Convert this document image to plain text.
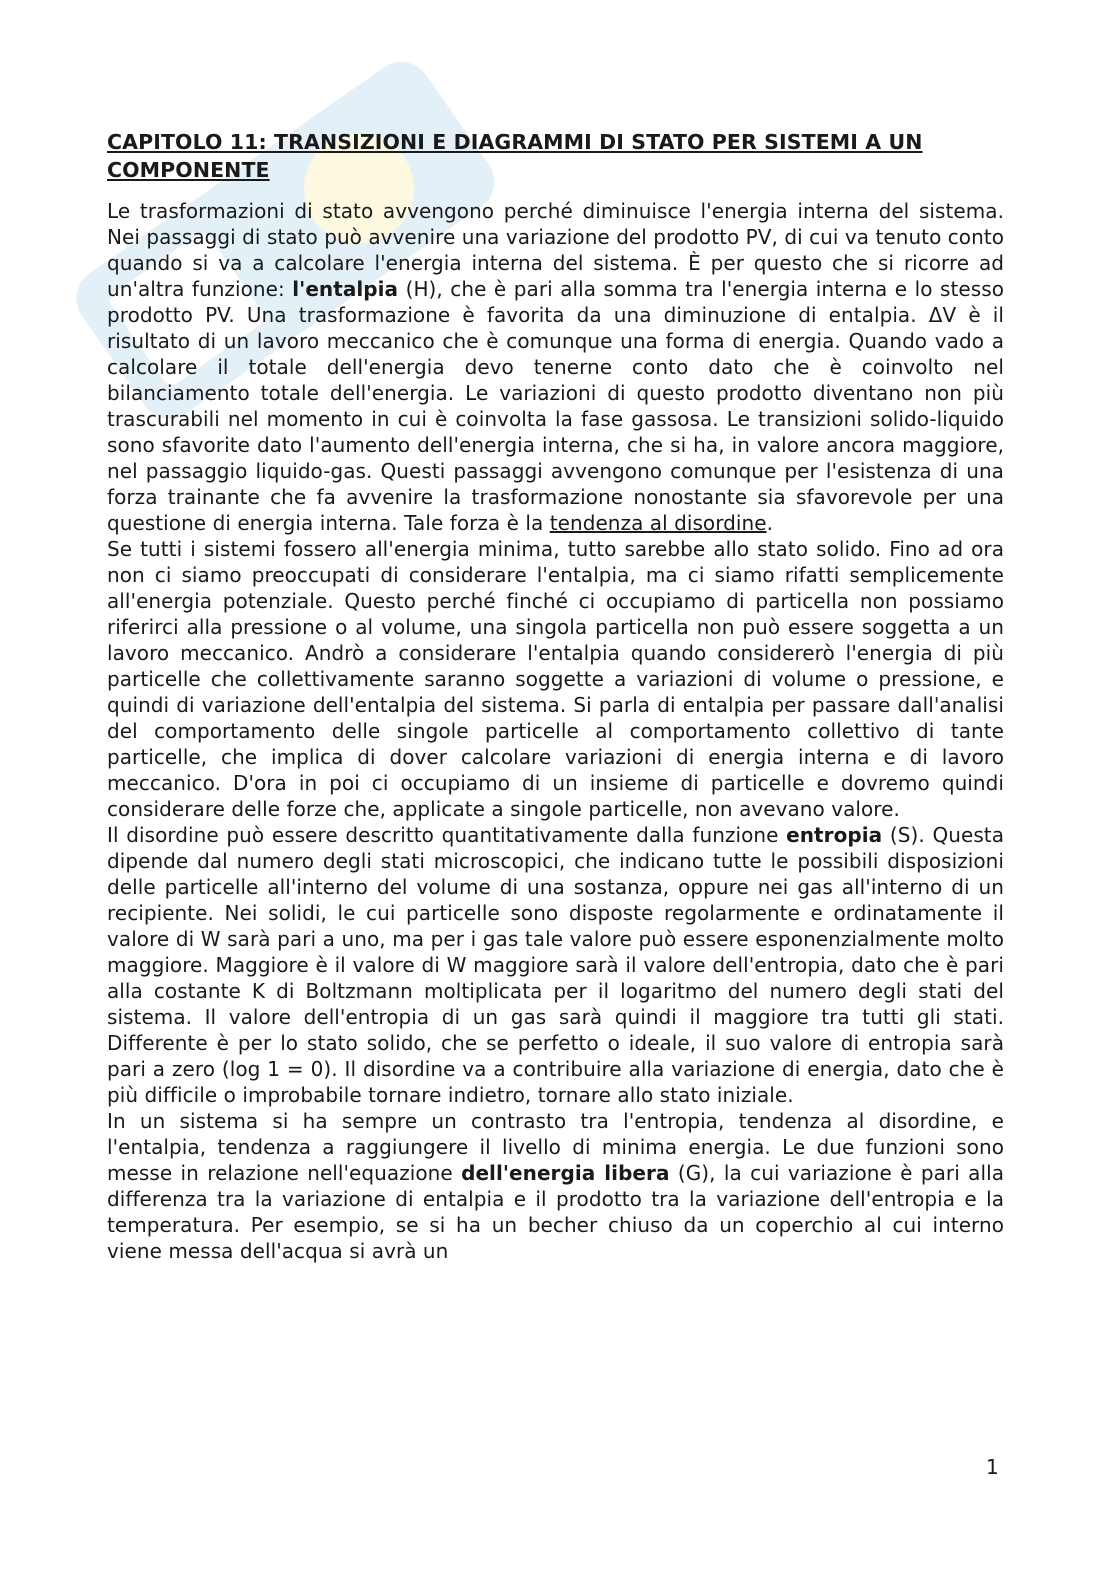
CAPITOLO 11: TRANSIZIONI E DIAGRAMMI DI STATO PER SISTEMI A UN COMPONENTE

Le trasformazioni di stato avvengono perché diminuisce l'energia interna del sistema. Nei passaggi di stato può avvenire una variazione del prodotto PV, di cui va tenuto conto quando si va a calcolare l'energia interna del sistema. È per questo che si ricorre ad un'altra funzione: l'entalpia (H), che è pari alla somma tra l'energia interna e lo stesso prodotto PV. Una trasformazione è favorita da una diminuzione di entalpia. ΔV è il risultato di un lavoro meccanico che è comunque una forma di energia. Quando vado a calcolare il totale dell'energia devo tenerne conto dato che è coinvolto nel bilanciamento totale dell'energia. Le variazioni di questo prodotto diventano non più trascurabili nel momento in cui è coinvolta la fase gassosa. Le transizioni solido-liquido sono sfavorite dato l'aumento dell'energia interna, che si ha, in valore ancora maggiore, nel passaggio liquido-gas. Questi passaggi avvengono comunque per l'esistenza di una forza trainante che fa avvenire la trasformazione nonostante sia sfavorevole per una questione di energia interna. Tale forza è la tendenza al disordine.

Se tutti i sistemi fossero all'energia minima, tutto sarebbe allo stato solido. Fino ad ora non ci siamo preoccupati di considerare l'entalpia, ma ci siamo rifatti semplicemente all'energia potenziale. Questo perché finché ci occupiamo di particella non possiamo riferirci alla pressione o al volume, una singola particella non può essere soggetta a un lavoro meccanico. Andrò a considerare l'entalpia quando considererò l'energia di più particelle che collettivamente saranno soggette a variazioni di volume o pressione, e quindi di variazione dell'entalpia del sistema. Si parla di entalpia per passare dall'analisi del comportamento delle singole particelle al comportamento collettivo di tante particelle, che implica di dover calcolare variazioni di energia interna e di lavoro meccanico. D'ora in poi ci occupiamo di un insieme di particelle e dovremo quindi considerare delle forze che, applicate a singole particelle, non avevano valore.

Il disordine può essere descritto quantitativamente dalla funzione entropia (S). Questa dipende dal numero degli stati microscopici, che indicano tutte le possibili disposizioni delle particelle all'interno del volume di una sostanza, oppure nei gas all'interno di un recipiente. Nei solidi, le cui particelle sono disposte regolarmente e ordinatamente il valore di W sarà pari a uno, ma per i gas tale valore può essere esponenzialmente molto maggiore. Maggiore è il valore di W maggiore sarà il valore dell'entropia, dato che è pari alla costante K di Boltzmann moltiplicata per il logaritmo del numero degli stati del sistema. Il valore dell'entropia di un gas sarà quindi il maggiore tra tutti gli stati. Differente è per lo stato solido, che se perfetto o ideale, il suo valore di entropia sarà pari a zero (log 1 = 0). Il disordine va a contribuire alla variazione di energia, dato che è più difficile o improbabile tornare indietro, tornare allo stato iniziale.

In un sistema si ha sempre un contrasto tra l'entropia, tendenza al disordine, e l'entalpia, tendenza a raggiungere il livello di minima energia. Le due funzioni sono messe in relazione nell'equazione dell'energia libera (G), la cui variazione è pari alla differenza tra la variazione di entalpia e il prodotto tra la variazione dell'entropia e la temperatura. Per esempio, se si ha un becher chiuso da un coperchio al cui interno viene messa dell'acqua si avrà un

1
